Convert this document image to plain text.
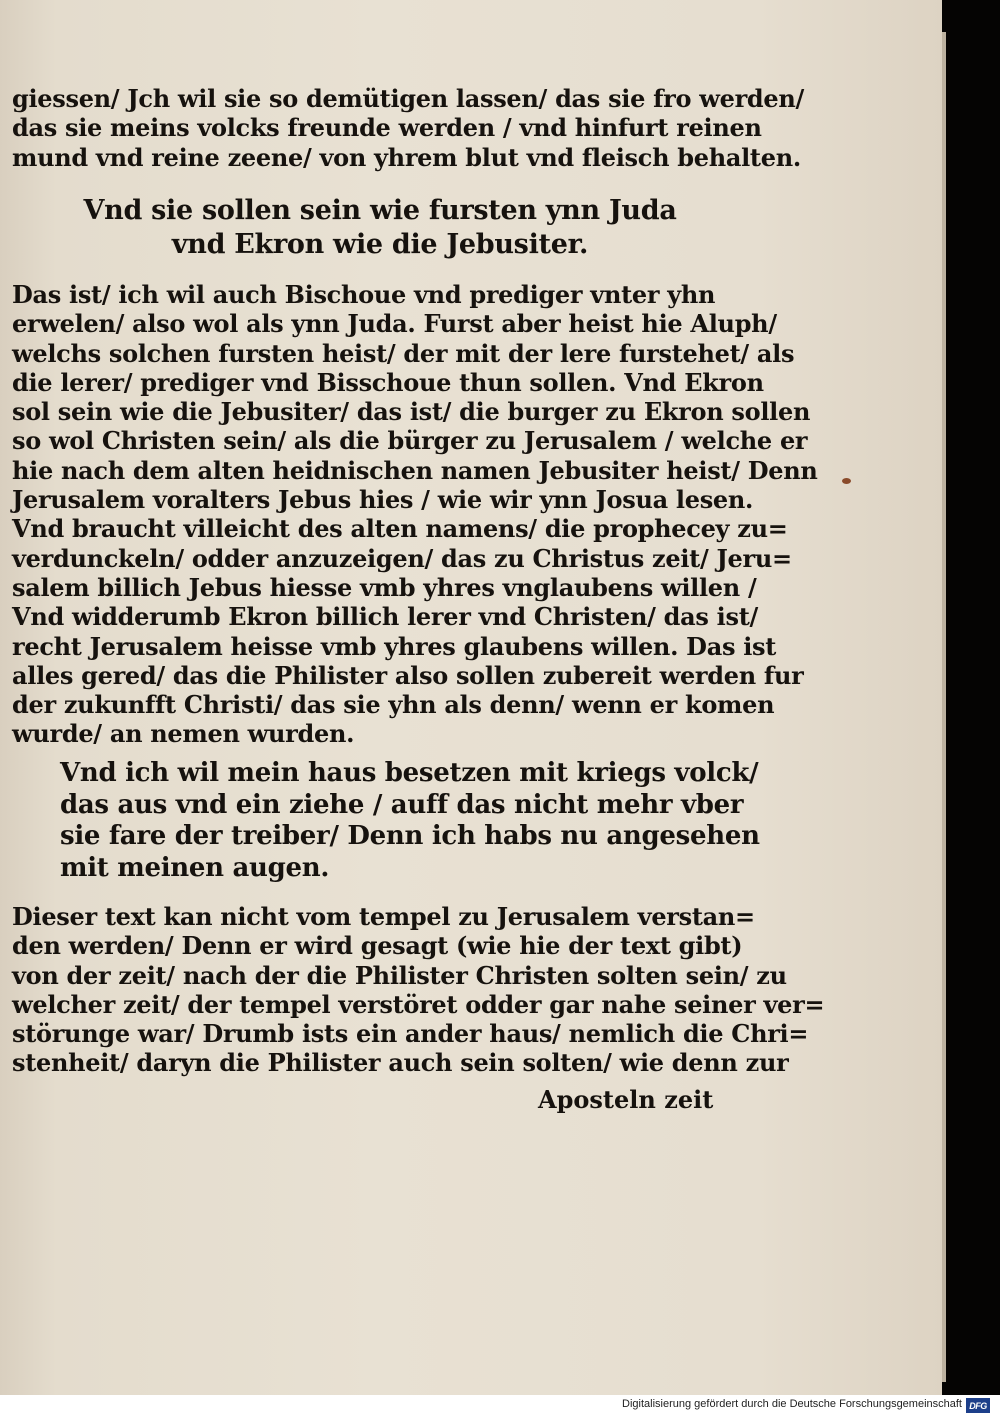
giessen/ Jch wil sie so demütigen lassen/ das sie fro werden/
das sie meins volcks freunde werden / vnd hinfurt reinen
mund vnd reine zeene/ von yhrem blut vnd fleisch behalten.
Vnd sie sollen sein wie fursten ynn Juda
vnd Ekron wie die Jebusiter.
Das ist/ ich wil auch Bischoue vnd prediger vnter yhn
erwelen/ also wol als ynn Juda. Furst aber heist hie Aluph/
welchs solchen fursten heist/ der mit der lere furstehet/ als
die lerer/ prediger vnd Bisschoue thun sollen. Vnd Ekron
sol sein wie die Jebusiter/ das ist/ die burger zu Ekron sollen
so wol Christen sein/ als die bürger zu Jerusalem / welche er
hie nach dem alten heidnischen namen Jebusiter heist/ Denn
Jerusalem voralters Jebus hies / wie wir ynn Josua lesen.
Vnd braucht villeicht des alten namens/ die prophecey zu=
verdunckeln/ odder anzuzeigen/ das zu Christus zeit/ Jeru=
salem billich Jebus hiesse vmb yhres vnglaubens willen /
Vnd widderumb Ekron billich lerer vnd Christen/ das ist/
recht Jerusalem heisse vmb yhres glaubens willen. Das ist
alles gered/ das die Philister also sollen zubereit werden fur
der zukunfft Christi/ das sie yhn als denn/ wenn er komen
wurde/ an nemen wurden.
Vnd ich wil mein haus besetzen mit kriegs volck/
das aus vnd ein ziehe / auff das nicht mehr vber
sie fare der treiber/ Denn ich habs nu angesehen
mit meinen augen.
Dieser text kan nicht vom tempel zu Jerusalem verstan=
den werden/ Denn er wird gesagt (wie hie der text gibt)
von der zeit/ nach der die Philister Christen solten sein/ zu
welcher zeit/ der tempel verstöret odder gar nahe seiner ver=
störunge war/ Drumb ists ein ander haus/ nemlich die Chri=
stenheit/ daryn die Philister auch sein solten/ wie denn zur
Aposteln zeit
Digitalisierung gefördert durch die Deutsche Forschungsgemeinschaft DFG
